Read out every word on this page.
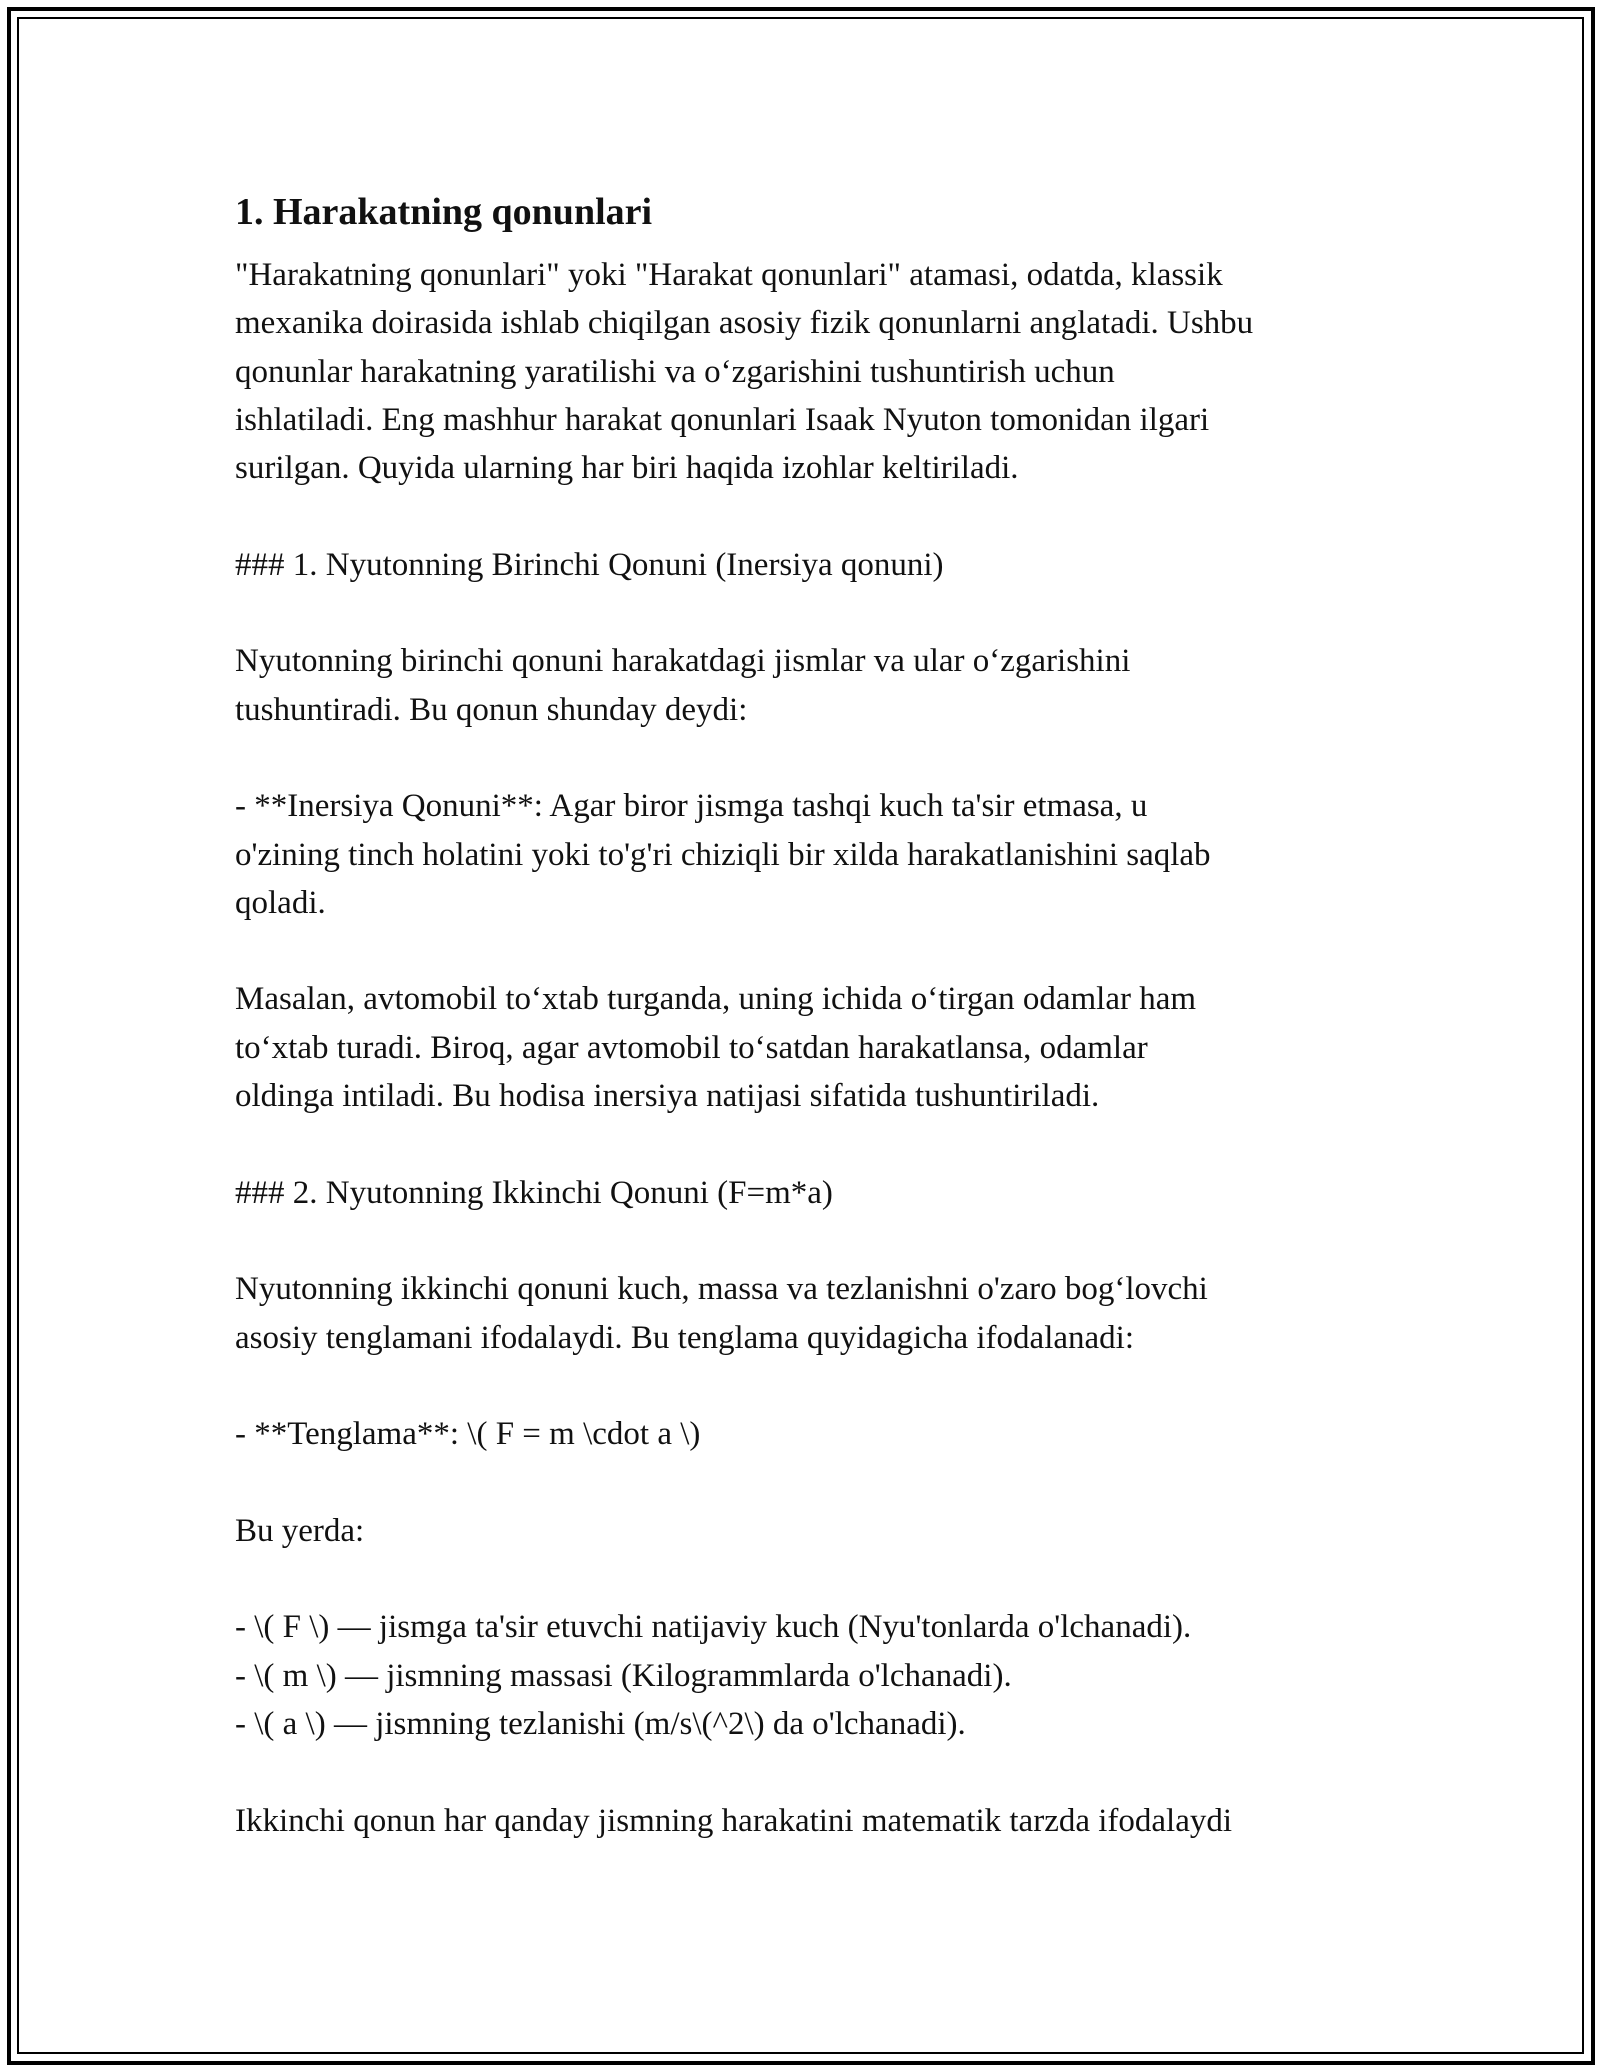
1. Harakatning qonunlari

"Harakatning qonunlari" yoki "Harakat qonunlari" atamasi, odatda, klassik

mexanika doirasida ishlab chiqilgan asosiy fizik qonunlarni anglatadi. Ushbu

qonunlar harakatning yaratilishi va oʻzgarishini tushuntirish uchun

ishlatiladi. Eng mashhur harakat qonunlari Isaak Nyuton tomonidan ilgari

surilgan. Quyida ularning har biri haqida izohlar keltiriladi.

### 1. Nyutonning Birinchi Qonuni (Inersiya qonuni)

Nyutonning birinchi qonuni harakatdagi jismlar va ular oʻzgarishini

tushuntiradi. Bu qonun shunday deydi:

- **Inersiya Qonuni**: Agar biror jismga tashqi kuch ta'sir etmasa, u

o'zining tinch holatini yoki to'g'ri chiziqli bir xilda harakatlanishini saqlab

qoladi.

Masalan, avtomobil toʻxtab turganda, uning ichida oʻtirgan odamlar ham

toʻxtab turadi. Biroq, agar avtomobil toʻsatdan harakatlansa, odamlar

oldinga intiladi. Bu hodisa inersiya natijasi sifatida tushuntiriladi.

### 2. Nyutonning Ikkinchi Qonuni (F=m*a)

Nyutonning ikkinchi qonuni kuch, massa va tezlanishni o'zaro bogʻlovchi

asosiy tenglamani ifodalaydi. Bu tenglama quyidagicha ifodalanadi:

- **Tenglama**: \( F = m \cdot a \)

Bu yerda:

- \( F \) — jismga ta'sir etuvchi natijaviy kuch (Nyu'tonlarda o'lchanadi).

- \( m \) — jismning massasi (Kilogrammlarda o'lchanadi).

- \( a \) — jismning tezlanishi (m/s\(^2\) da o'lchanadi).

Ikkinchi qonun har qanday jismning harakatini matematik tarzda ifodalaydi
